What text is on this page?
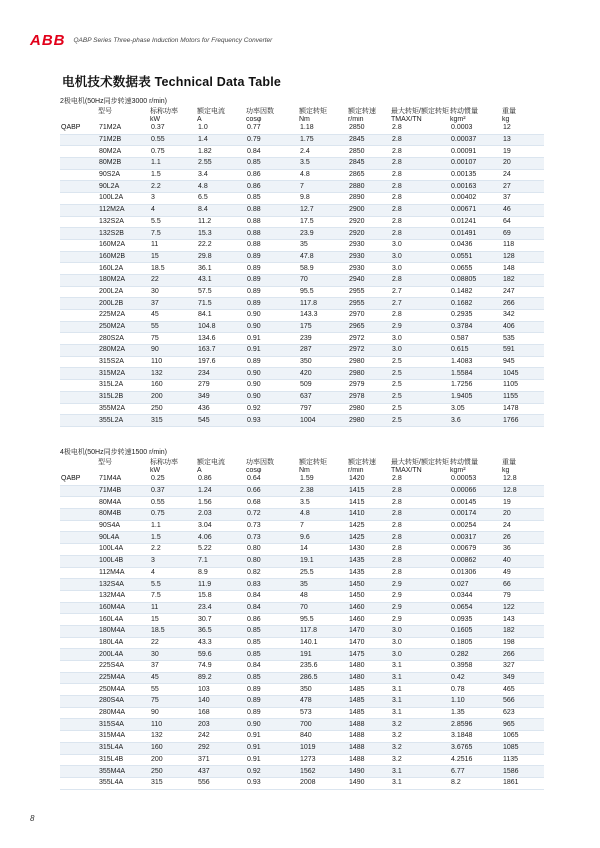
ABB QABP Series Three-phase Induction Motors for Frequency Converter
电机技术数据表 Technical Data Table
2极电机(50Hz同步转速3000 r/min)									
	型号	标称功率	额定电流	功率因数	额定转矩	额定转速	最大转矩/额定转矩	转动惯量	重量
		kW	A	cosφ	Nm	r/min	TMAX/TN	kgm²	kg
QABP	71M2A	0.37	1.0	0.77	1.18	2850	2.8	0.0003	12
	71M2B	0.55	1.4	0.79	1.75	2845	2.8	0.00037	13
	80M2A	0.75	1.82	0.84	2.4	2850	2.8	0.00091	19
	80M2B	1.1	2.55	0.85	3.5	2845	2.8	0.00107	20
	90S2A	1.5	3.4	0.86	4.8	2865	2.8	0.00135	24
	90L2A	2.2	4.8	0.86	7	2880	2.8	0.00163	27
	100L2A	3	6.5	0.85	9.8	2890	2.8	0.00402	37
	112M2A	4	8.4	0.88	12.7	2900	2.8	0.00671	46
	132S2A	5.5	11.2	0.88	17.5	2920	2.8	0.01241	64
	132S2B	7.5	15.3	0.88	23.9	2920	2.8	0.01491	69
	160M2A	11	22.2	0.88	35	2930	3.0	0.0436	118
	160M2B	15	29.8	0.89	47.8	2930	3.0	0.0551	128
	160L2A	18.5	36.1	0.89	58.9	2930	3.0	0.0655	148
	180M2A	22	43.1	0.89	70	2940	2.8	0.08805	182
	200L2A	30	57.5	0.89	95.5	2955	2.7	0.1482	247
	200L2B	37	71.5	0.89	117.8	2955	2.7	0.1682	266
	225M2A	45	84.1	0.90	143.3	2970	2.8	0.2935	342
	250M2A	55	104.8	0.90	175	2965	2.9	0.3784	406
	280S2A	75	134.6	0.91	239	2972	3.0	0.587	535
	280M2A	90	163.7	0.91	287	2972	3.0	0.615	591
	315S2A	110	197.6	0.89	350	2980	2.5	1.4083	945
	315M2A	132	234	0.90	420	2980	2.5	1.5584	1045
	315L2A	160	279	0.90	509	2979	2.5	1.7256	1105
	315L2B	200	349	0.90	637	2978	2.5	1.9405	1155
	355M2A	250	436	0.92	797	2980	2.5	3.05	1478
	355L2A	315	545	0.93	1004	2980	2.5	3.6	1766
4极电机(50Hz同步转速1500 r/min)									
	型号	标称功率	额定电流	功率因数	额定转矩	额定转速	最大转矩/额定转矩	转动惯量	重量
		kW	A	cosφ	Nm	r/min	TMAX/TN	kgm²	kg
QABP	71M4A	0.25	0.86	0.64	1.59	1420	2.8	0.00053	12.8
	71M4B	0.37	1.24	0.66	2.38	1415	2.8	0.00066	12.8
	80M4A	0.55	1.56	0.68	3.5	1415	2.8	0.00145	19
	80M4B	0.75	2.03	0.72	4.8	1410	2.8	0.00174	20
	90S4A	1.1	3.04	0.73	7	1425	2.8	0.00254	24
	90L4A	1.5	4.06	0.73	9.6	1425	2.8	0.00317	26
	100L4A	2.2	5.22	0.80	14	1430	2.8	0.00679	36
	100L4B	3	7.1	0.80	19.1	1435	2.8	0.00862	40
	112M4A	4	8.9	0.82	25.5	1435	2.8	0.01306	49
	132S4A	5.5	11.9	0.83	35	1450	2.9	0.027	66
	132M4A	7.5	15.8	0.84	48	1450	2.9	0.0344	79
	160M4A	11	23.4	0.84	70	1460	2.9	0.0654	122
	160L4A	15	30.7	0.86	95.5	1460	2.9	0.0935	143
	180M4A	18.5	36.5	0.85	117.8	1470	3.0	0.1605	182
	180L4A	22	43.3	0.85	140.1	1470	3.0	0.1805	198
	200L4A	30	59.6	0.85	191	1475	3.0	0.282	266
	225S4A	37	74.9	0.84	235.6	1480	3.1	0.3958	327
	225M4A	45	89.2	0.85	286.5	1480	3.1	0.42	349
	250M4A	55	103	0.89	350	1485	3.1	0.78	465
	280S4A	75	140	0.89	478	1485	3.1	1.10	566
	280M4A	90	168	0.89	573	1485	3.1	1.35	623
	315S4A	110	203	0.90	700	1488	3.2	2.8596	965
	315M4A	132	242	0.91	840	1488	3.2	3.1848	1065
	315L4A	160	292	0.91	1019	1488	3.2	3.6765	1085
	315L4B	200	371	0.91	1273	1488	3.2	4.2516	1135
	355M4A	250	437	0.92	1562	1490	3.1	6.77	1586
	355L4A	315	556	0.93	2008	1490	3.1	8.2	1861
8
